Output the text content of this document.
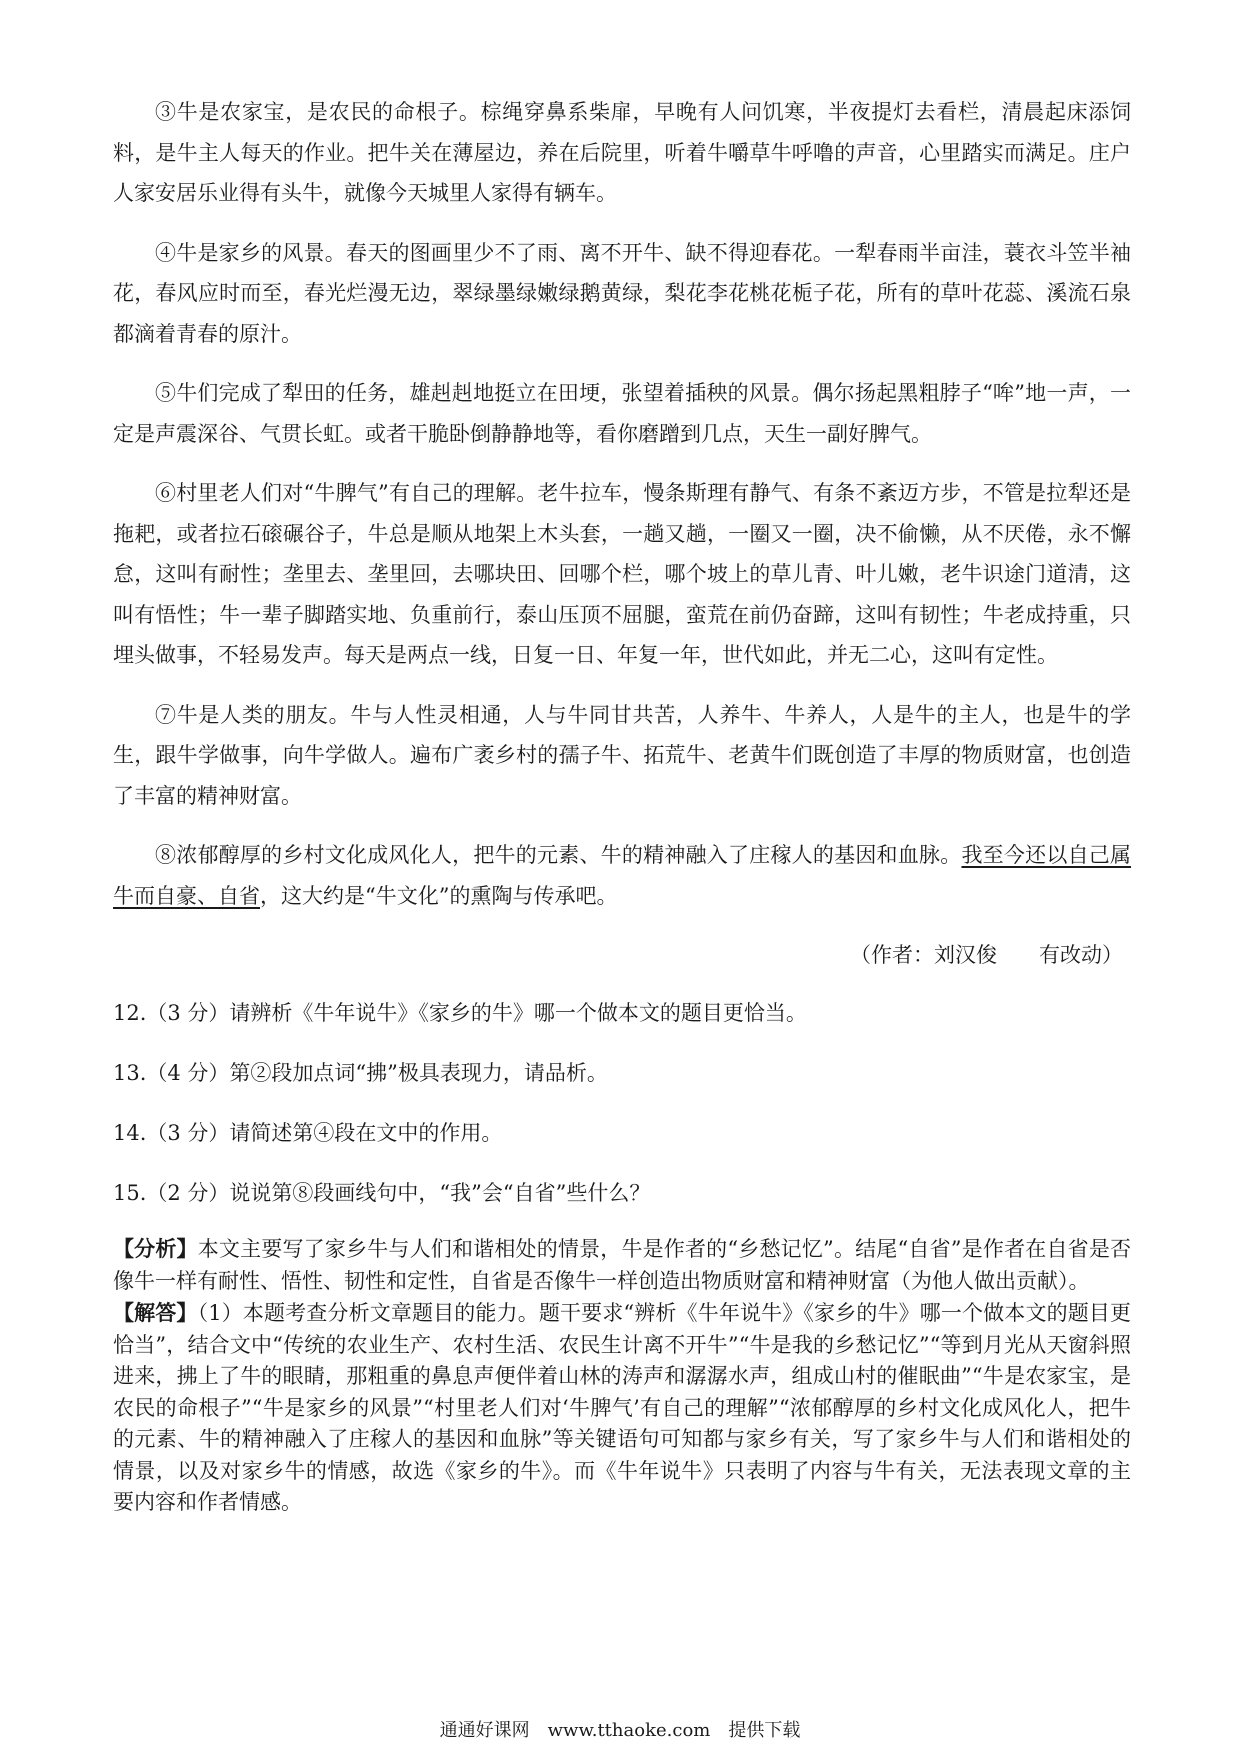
③牛是农家宝，是农民的命根子。棕绳穿鼻系柴扉，早晚有人问饥寒，半夜提灯去看栏，清晨起床添饲料，是牛主人每天的作业。把牛关在薄屋边，养在后院里，听着牛嚼草牛呼噜的声音，心里踏实而满足。庄户人家安居乐业得有头牛，就像今天城里人家得有辆车。

④牛是家乡的风景。春天的图画里少不了雨、离不开牛、缺不得迎春花。一犁春雨半亩洼，蓑衣斗笠半袖花，春风应时而至，春光烂漫无边，翠绿墨绿嫩绿鹅黄绿，梨花李花桃花栀子花，所有的草叶花蕊、溪流石泉都滴着青春的原汁。

⑤牛们完成了犁田的任务，雄赳赳地挺立在田埂，张望着插秧的风景。偶尔扬起黑粗脖子“哞”地一声，一定是声震深谷、气贯长虹。或者干脆卧倒静静地等，看你磨蹭到几点，天生一副好脾气。

⑥村里老人们对“牛脾气”有自己的理解。老牛拉车，慢条斯理有静气、有条不紊迈方步，不管是拉犁还是拖耙，或者拉石磙碾谷子，牛总是顺从地架上木头套，一趟又趟，一圈又一圈，决不偷懒，从不厌倦，永不懈怠，这叫有耐性；垄里去、垄里回，去哪块田、回哪个栏，哪个坡上的草儿青、叶儿嫩，老牛识途门道清，这叫有悟性；牛一辈子脚踏实地、负重前行，泰山压顶不屈腿，蛮荒在前仍奋蹄，这叫有韧性；牛老成持重，只埋头做事，不轻易发声。每天是两点一线，日复一日、年复一年，世代如此，并无二心，这叫有定性。

⑦牛是人类的朋友。牛与人性灵相通，人与牛同甘共苦，人养牛、牛养人，人是牛的主人，也是牛的学生，跟牛学做事，向牛学做人。遍布广袤乡村的孺子牛、拓荒牛、老黄牛们既创造了丰厚的物质财富，也创造了丰富的精神财富。

⑧浓郁醇厚的乡村文化成风化人，把牛的元素、牛的精神融入了庄稼人的基因和血脉。我至今还以自己属牛而自豪、自省，这大约是“牛文化”的熏陶与传承吧。

（作者：刘汉俊　　有改动）

12.（3 分）请辨析《牛年说牛》《家乡的牛》哪一个做本文的题目更恰当。

13.（4 分）第②段加点词“拂”极具表现力，请品析。

14.（3 分）请简述第④段在文中的作用。

15.（2 分）说说第⑧段画线句中，“我”会“自省”些什么？

【分析】本文主要写了家乡牛与人们和谐相处的情景，牛是作者的“乡愁记忆”。结尾“自省”是作者在自省是否像牛一样有耐性、悟性、韧性和定性，自省是否像牛一样创造出物质财富和精神财富（为他人做出贡献）。

【解答】（1）本题考查分析文章题目的能力。题干要求“辨析《牛年说牛》《家乡的牛》哪一个做本文的题目更恰当”，结合文中“传统的农业生产、农村生活、农民生计离不开牛”“牛是我的乡愁记忆”“等到月光从天窗斜照进来，拂上了牛的眼睛，那粗重的鼻息声便伴着山林的涛声和潺潺水声，组成山村的催眠曲”“牛是农家宝，是农民的命根子”“牛是家乡的风景”“村里老人们对‘牛脾气’有自己的理解”“浓郁醇厚的乡村文化成风化人，把牛的元素、牛的精神融入了庄稼人的基因和血脉”等关键语句可知都与家乡有关，写了家乡牛与人们和谐相处的情景，以及对家乡牛的情感，故选《家乡的牛》。而《牛年说牛》只表明了内容与牛有关，无法表现文章的主要内容和作者情感。

通通好课网　www.tthaoke.com　提供下载
